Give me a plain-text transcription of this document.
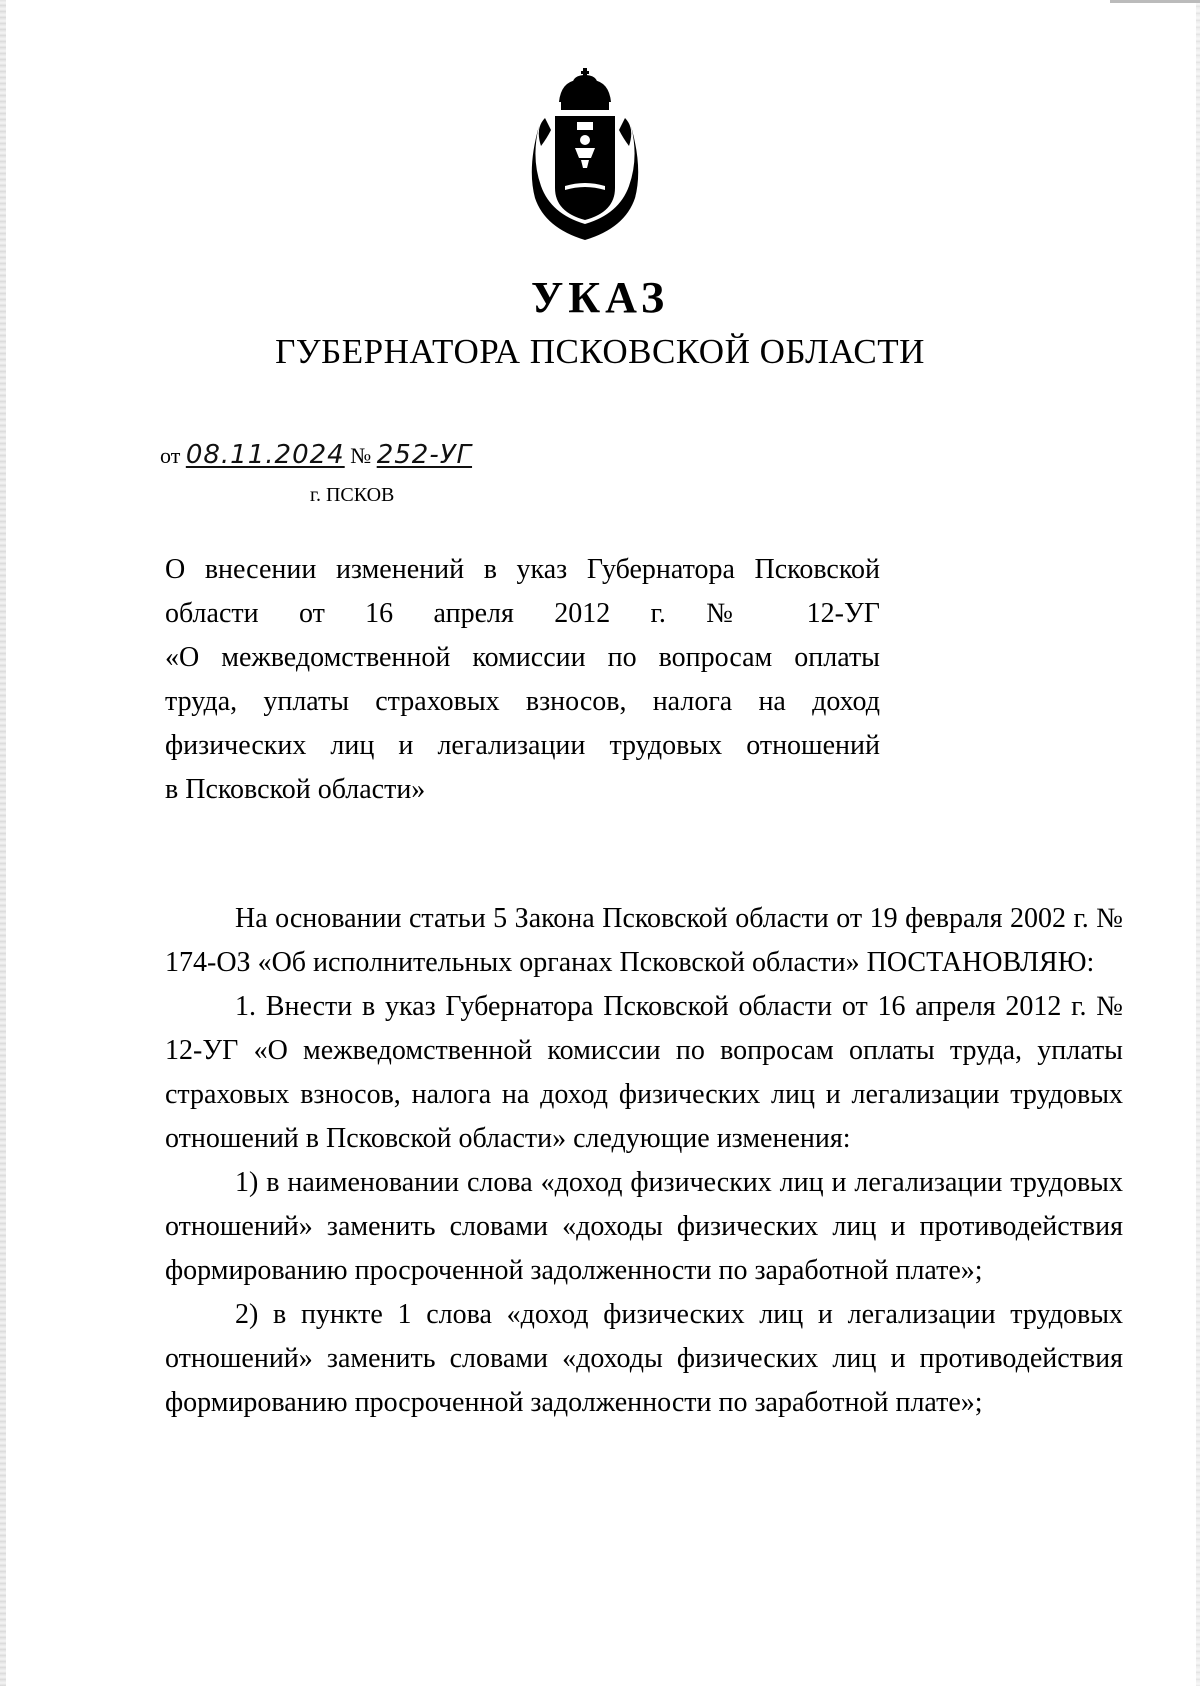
УКАЗ
ГУБЕРНАТОРА ПСКОВСКОЙ ОБЛАСТИ
от 08.11.2024 № 252-УГ
г. ПСКОВ

О внесении изменений в указ Губернатора Псковской

области от 16 апреля 2012 г. № 12-УГ

«О межведомственной комиссии по вопросам оплаты

труда, уплаты страховых взносов, налога на доход

физических лиц и легализации трудовых отношений

в Псковской области»

На основании статьи 5 Закона Псковской области от 19 февраля 2002 г. № 174-ОЗ «Об исполнительных органах Псковской области» ПОСТАНОВЛЯЮ:

1. Внести в указ Губернатора Псковской области от 16 апреля 2012 г. № 12-УГ «О межведомственной комиссии по вопросам оплаты труда, уплаты страховых взносов, налога на доход физических лиц и легализации трудовых отношений в Псковской области» следующие изменения:

1) в наименовании слова «доход физических лиц и легализации трудовых отношений» заменить словами «доходы физических лиц и противодействия формированию просроченной задолженности по заработной плате»;

2) в пункте 1 слова «доход физических лиц и легализации трудовых отношений» заменить словами «доходы физических лиц и противодействия формированию просроченной задолженности по заработной плате»;
